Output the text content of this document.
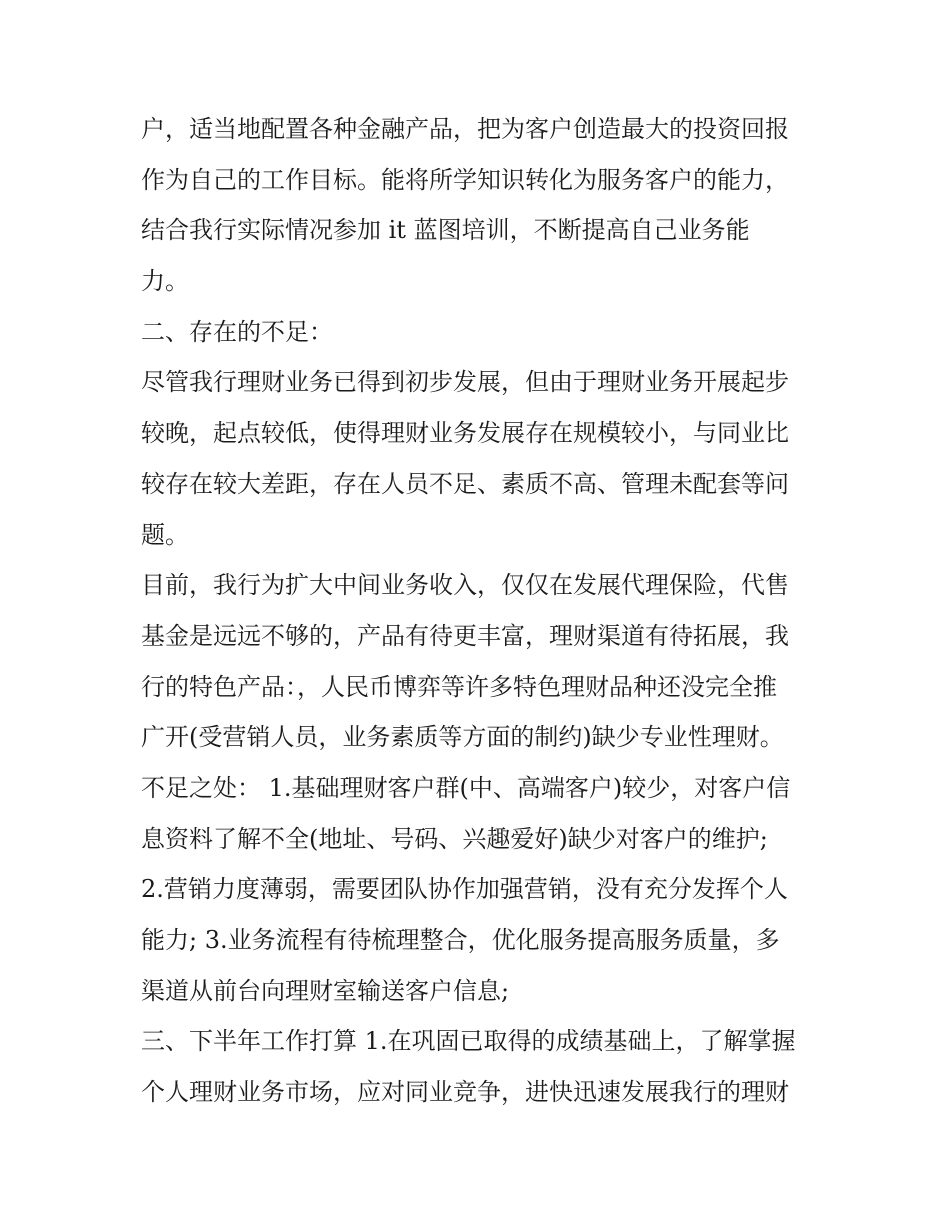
户，适当地配置各种金融产品，把为客户创造最大的投资回报
作为自己的工作目标。能将所学知识转化为服务客户的能力，
结合我行实际情况参加 it 蓝图培训，不断提高自己业务能
力。
二、存在的不足：
尽管我行理财业务已得到初步发展，但由于理财业务开展起步
较晚，起点较低，使得理财业务发展存在规模较小，与同业比
较存在较大差距，存在人员不足、素质不高、管理未配套等问
题。
目前，我行为扩大中间业务收入，仅仅在发展代理保险，代售
基金是远远不够的，产品有待更丰富，理财渠道有待拓展，我
行的特色产品：，人民币博弈等许多特色理财品种还没完全推
广开(受营销人员，业务素质等方面的制约)缺少专业性理财。
不足之处： 1.基础理财客户群(中、高端客户)较少，对客户信
息资料了解不全(地址、号码、兴趣爱好)缺少对客户的维护;
2.营销力度薄弱，需要团队协作加强营销，没有充分发挥个人
能力; 3.业务流程有待梳理整合，优化服务提高服务质量，多
渠道从前台向理财室输送客户信息;
三、下半年工作打算 1.在巩固已取得的成绩基础上，了解掌握
个人理财业务市场，应对同业竞争，进快迅速发展我行的理财
